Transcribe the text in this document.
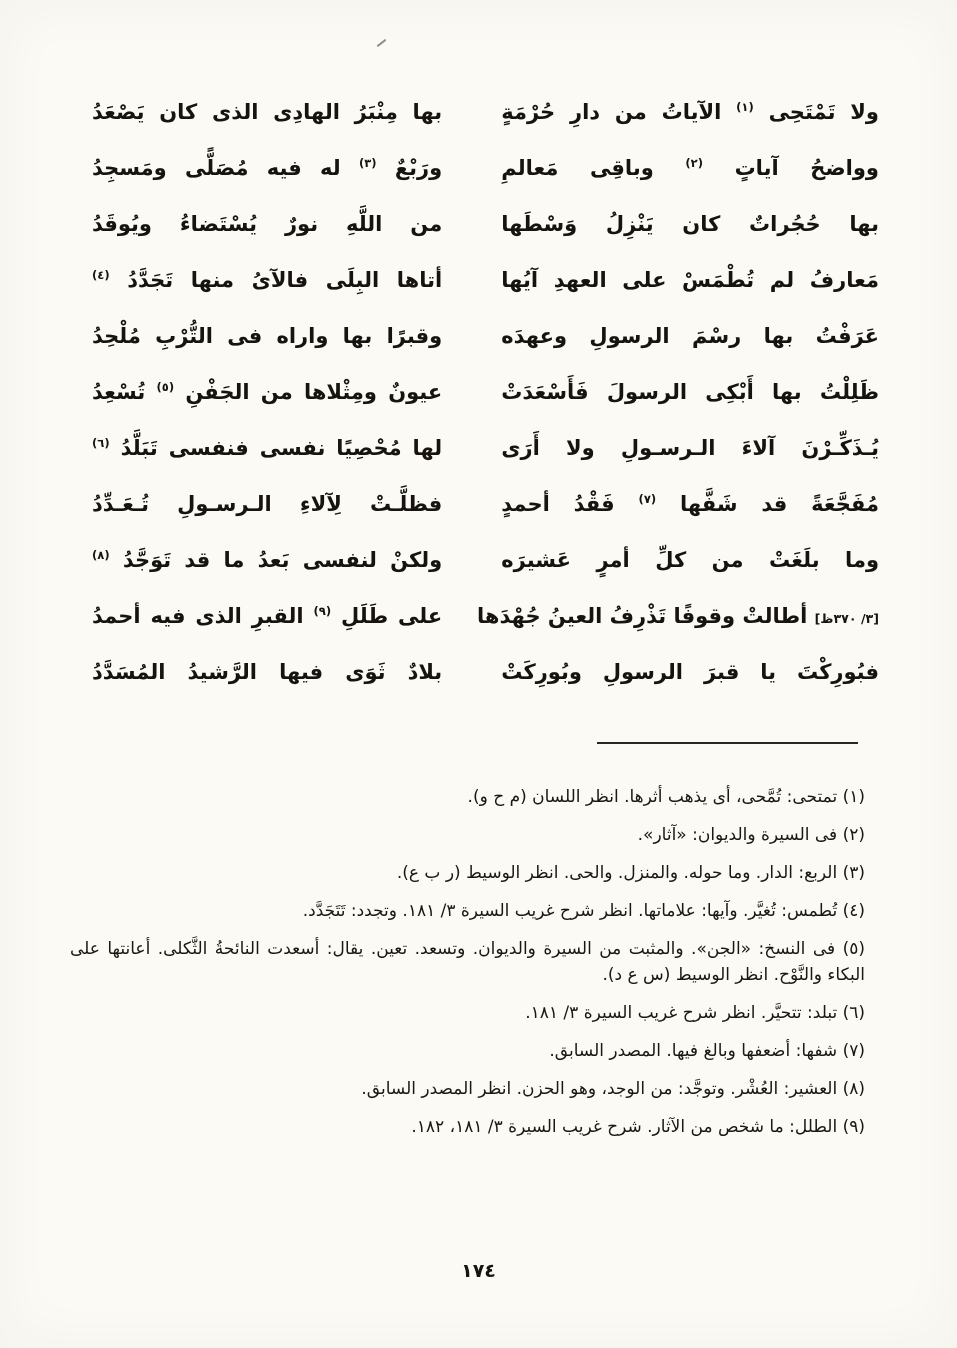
ولا تَمْتَحِى $^{(١)}$ الآياتُ من دارِ حُرْمَةٍ
بها مِنْبَرُ الهادِى الذى كان يَصْعَدُ
وواضحُ آياتٍ $^{(٢)}$ وباقِى مَعالمِ
ورَبْعٌ $^{(٣)}$ له فيه مُصَلًّى ومَسجِدُ
بها حُجُراتٌ كان يَنْزِلُ وَسْطَها
من اللَّهِ نورٌ يُسْتَضاءُ ويُوقَدُ
مَعارفُ لم تُطْمَسْ على العهدِ آيُها
أتاها البِلَى فالآىُ منها تَجَدَّدُ $^{(٤)}$
عَرَفْتُ بها رسْمَ الرسولِ وعهدَه
وقبرًا بها واراه فى التُّرْبِ مُلْحِدُ
ظَلِلْتُ بها أَبْكِى الرسولَ فَأَسْعَدَتْ
عيونٌ ومِثْلاها من الجَفْنِ $^{(٥)}$ تُسْعِدُ
يُـذَكِّـرْنَ آلاءَ الـرسـولِ ولا أَرَى
لها مُحْصِيًا نفسى فنفسى تَبَلَّدُ $^{(٦)}$
مُفَجَّعَةً قد شَفَّها $^{(٧)}$ فَقْدُ أحمدٍ
فظلَّـتْ لِآلاءِ الـرسـولِ تُـعَـدِّدُ
وما بلَغَتْ من كلِّ أمرٍ عَشيرَه
ولكنْ لنفسى بَعدُ ما قد تَوَجَّدُ $^{(٨)}$
[٣/ ٣٧٠ظ] أطالتْ وقوفًا تَذْرِفُ العينُ جُهْدَها
على طَلَلِ $^{(٩)}$ القبرِ الذى فيه أحمدُ
فبُورِكْتَ يا قبرَ الرسولِ وبُورِكَتْ
بلادٌ ثَوَى فيها الرَّشيدُ المُسَدَّدُ
(١) تمتحى: تُمَّحى، أى يذهب أثرها. انظر اللسان (م ح و).
(٢) فى السيرة والديوان: «آثار».
(٣) الربع: الدار. وما حوله. والمنزل. والحى. انظر الوسيط (ر ب ع).
(٤) تُطمس: تُغيَّر. وآيها: علاماتها. انظر شرح غريب السيرة ٣/ ١٨١. وتجدد: تَتَجَدَّد.
(٥) فى النسخ: «الجن». والمثبت من السيرة والديوان. وتسعد. تعين. يقال: أسعدت النائحةُ الثَّكلى. أعانتها على البكاء والنَّوْح. انظر الوسيط (س ع د).
(٦) تبلد: تتحيَّر. انظر شرح غريب السيرة ٣/ ١٨١.
(٧) شفها: أضعفها وبالغ فيها. المصدر السابق.
(٨) العشير: العُشْر. وتوجَّد: من الوجد، وهو الحزن. انظر المصدر السابق.
(٩) الطلل: ما شخص من الآثار. شرح غريب السيرة ٣/ ١٨١، ١٨٢.
١٧٤
